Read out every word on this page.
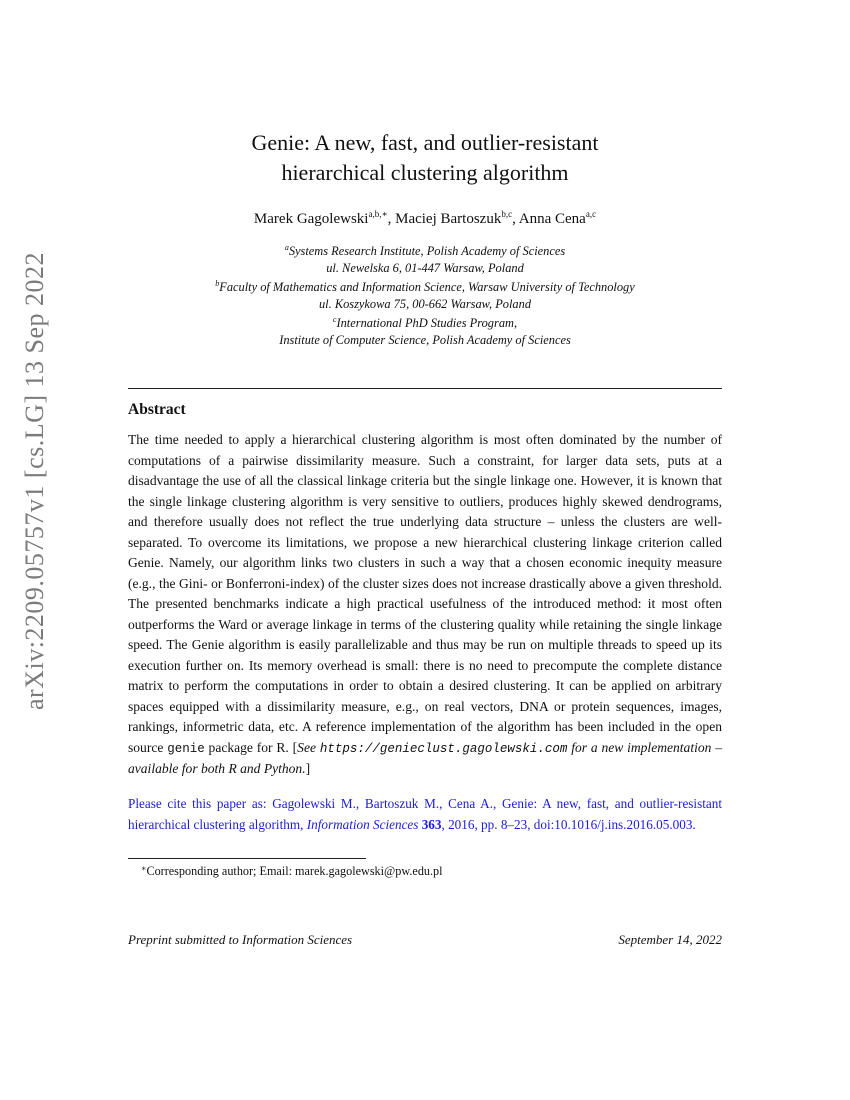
arXiv:2209.05757v1 [cs.LG] 13 Sep 2022
Genie: A new, fast, and outlier-resistant
hierarchical clustering algorithm
Marek Gagolewski$^{a,b,∗}$, Maciej Bartoszuk$^{b,c}$, Anna Cena$^{a,c}$
$^a$Systems Research Institute, Polish Academy of Sciences
ul. Newelska 6, 01-447 Warsaw, Poland
$^b$Faculty of Mathematics and Information Science, Warsaw University of Technology
ul. Koszykowa 75, 00-662 Warsaw, Poland
$^c$International PhD Studies Program,
Institute of Computer Science, Polish Academy of Sciences
Abstract
The time needed to apply a hierarchical clustering algorithm is most often dominated by the number of computations of a pairwise dissimilarity measure. Such a constraint, for larger data sets, puts at a disadvantage the use of all the classical linkage criteria but the single linkage one. However, it is known that the single linkage clustering algorithm is very sensitive to outliers, produces highly skewed dendrograms, and therefore usually does not reflect the true underlying data structure – unless the clusters are well-separated. To overcome its limitations, we propose a new hierarchical clustering linkage criterion called Genie. Namely, our algorithm links two clusters in such a way that a chosen economic inequity measure (e.g., the Gini- or Bonferroni-index) of the cluster sizes does not increase drastically above a given threshold. The presented benchmarks indicate a high practical usefulness of the introduced method: it most often outperforms the Ward or average linkage in terms of the clustering quality while retaining the single linkage speed. The Genie algorithm is easily parallelizable and thus may be run on multiple threads to speed up its execution further on. Its memory overhead is small: there is no need to precompute the complete distance matrix to perform the computations in order to obtain a desired clustering. It can be applied on arbitrary spaces equipped with a dissimilarity measure, e.g., on real vectors, DNA or protein sequences, images, rankings, informetric data, etc. A reference implementation of the algorithm has been included in the open source genie package for R. [See https://genieclust.gagolewski.com for a new implementation – available for both R and Python.]
Please cite this paper as: Gagolewski M., Bartoszuk M., Cena A., Genie: A new, fast, and outlier-resistant hierarchical clustering algorithm, Information Sciences 363, 2016, pp. 8–23, doi:10.1016/j.ins.2016.05.003.
∗Corresponding author; Email: marek.gagolewski@pw.edu.pl
Preprint submitted to Information Sciences	September 14, 2022
